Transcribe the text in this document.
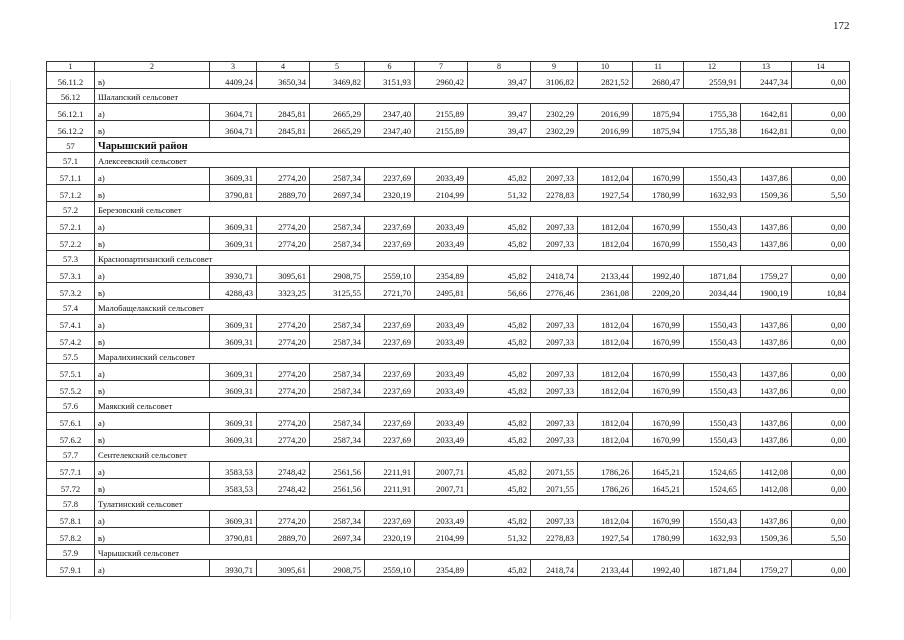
172
1	2	3	4	5	6	7	8	9	10	11	12	13	14
56.11.2	в)	4409,24	3650,34	3469,82	3151,93	2960,42	39,47	3106,82	2821,52	2680,47	2559,91	2447,34	0,00
56.12	Шалапский сельсовет												
56.12.1	а)	3604,71	2845,81	2665,29	2347,40	2155,89	39,47	2302,29	2016,99	1875,94	1755,38	1642,81	0,00
56.12.2	в)	3604,71	2845,81	2665,29	2347,40	2155,89	39,47	2302,29	2016,99	1875,94	1755,38	1642,81	0,00
57	Чарышский район												
57.1	Алексеевский сельсовет												
57.1.1	а)	3609,31	2774,20	2587,34	2237,69	2033,49	45,82	2097,33	1812,04	1670,99	1550,43	1437,86	0,00
57.1.2	в)	3790,81	2889,70	2697,34	2320,19	2104,99	51,32	2278,83	1927,54	1780,99	1632,93	1509,36	5,50
57.2	Березовский сельсовет												
57.2.1	а)	3609,31	2774,20	2587,34	2237,69	2033,49	45,82	2097,33	1812,04	1670,99	1550,43	1437,86	0,00
57.2.2	в)	3609,31	2774,20	2587,34	2237,69	2033,49	45,82	2097,33	1812,04	1670,99	1550,43	1437,86	0,00
57.3	Краснопартизанский сельсовет												
57.3.1	а)	3930,71	3095,61	2908,75	2559,10	2354,89	45,82	2418,74	2133,44	1992,40	1871,84	1759,27	0,00
57.3.2	в)	4288,43	3323,25	3125,55	2721,70	2495,81	56,66	2776,46	2361,08	2209,20	2034,44	1900,19	10,84
57.4	Малобащелакский сельсовет												
57.4.1	а)	3609,31	2774,20	2587,34	2237,69	2033,49	45,82	2097,33	1812,04	1670,99	1550,43	1437,86	0,00
57.4.2	в)	3609,31	2774,20	2587,34	2237,69	2033,49	45,82	2097,33	1812,04	1670,99	1550,43	1437,86	0,00
57.5	Маралихинский сельсовет												
57.5.1	а)	3609,31	2774,20	2587,34	2237,69	2033,49	45,82	2097,33	1812,04	1670,99	1550,43	1437,86	0,00
57.5.2	в)	3609,31	2774,20	2587,34	2237,69	2033,49	45,82	2097,33	1812,04	1670,99	1550,43	1437,86	0,00
57.6	Маякский сельсовет												
57.6.1	а)	3609,31	2774,20	2587,34	2237,69	2033,49	45,82	2097,33	1812,04	1670,99	1550,43	1437,86	0,00
57.6.2	в)	3609,31	2774,20	2587,34	2237,69	2033,49	45,82	2097,33	1812,04	1670,99	1550,43	1437,86	0,00
57.7	Сентелекский сельсовет												
57.7.1	а)	3583,53	2748,42	2561,56	2211,91	2007,71	45,82	2071,55	1786,26	1645,21	1524,65	1412,08	0,00
57.72	в)	3583,53	2748,42	2561,56	2211,91	2007,71	45,82	2071,55	1786,26	1645,21	1524,65	1412,08	0,00
57.8	Тулатинский сельсовет												
57.8.1	а)	3609,31	2774,20	2587,34	2237,69	2033,49	45,82	2097,33	1812,04	1670,99	1550,43	1437,86	0,00
57.8.2	в)	3790,81	2889,70	2697,34	2320,19	2104,99	51,32	2278,83	1927,54	1780,99	1632,93	1509,36	5,50
57.9	Чарышский сельсовет												
57.9.1	а)	3930,71	3095,61	2908,75	2559,10	2354,89	45,82	2418,74	2133,44	1992,40	1871,84	1759,27	0,00
